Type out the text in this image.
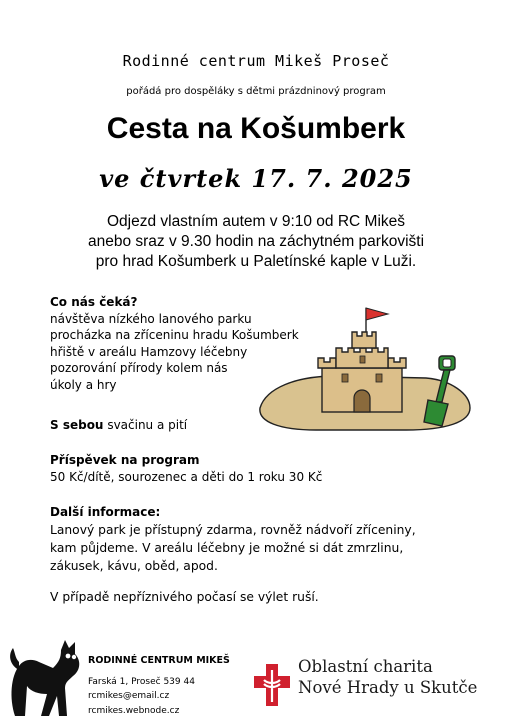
Rodinné centrum Mikeš Proseč
pořádá pro dospěláky s dětmi prázdninový program
Cesta na Košumberk
ve čtvrtek 17. 7. 2025
Odjezd vlastním autem v 9:10 od RC Mikeš
anebo sraz v 9.30 hodin na záchytném parkovišti
pro hrad Košumberk u Paletínské kaple v Luži.
Co nás čeká?
návštěva nízkého lanového parku
procházka na zříceninu hradu Košumberk
hřiště v areálu Hamzovy léčebny
pozorování přírody kolem nás
úkoly a hry
S sebou svačinu a pití
Příspěvek na program
50 Kč/dítě, sourozenec a děti do 1 roku 30 Kč
Další informace:
Lanový park je přístupný zdarma, rovněž nádvoří zříceniny,
kam půjdeme. V areálu léčebny je možné si dát zmrzlinu,
zákusek, kávu, oběd, apod.
V případě nepříznivého počasí se výlet ruší.
RODINNÉ CENTRUM MIKEŠ
Farská 1, Proseč 539 44
rcmikes@email.cz
rcmikes.webnode.cz
Oblastní charita
Nové Hrady u Skutče
